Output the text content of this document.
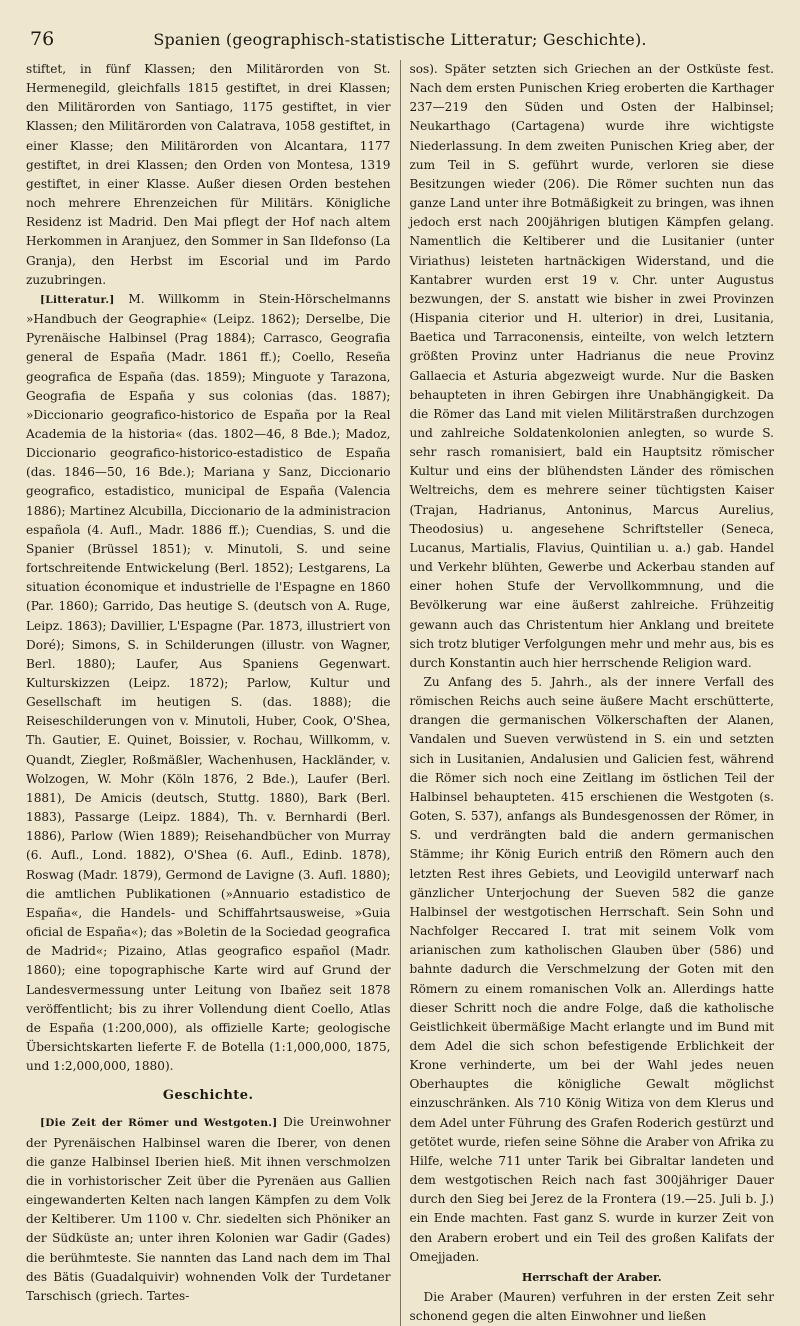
76	Spanien (geographisch-statistische Litteratur; Geschichte).

stiftet, in fünf Klassen; den Militärorden von St. Hermenegild, gleichfalls 1815 gestiftet, in drei Klassen; den Militärorden von Santiago, 1175 gestiftet, in vier Klassen; den Militärorden von Calatrava, 1058 gestiftet, in einer Klasse; den Militärorden von Alcantara, 1177 gestiftet, in drei Klassen; den Orden von Montesa, 1319 gestiftet, in einer Klasse. Außer diesen Orden bestehen noch mehrere Ehrenzeichen für Militärs. Königliche Residenz ist Madrid. Den Mai pflegt der Hof nach altem Herkommen in Aranjuez, den Sommer in San Ildefonso (La Granja), den Herbst im Escorial und im Pardo zuzubringen.

[Litteratur.] M. Willkomm in Stein-Hörschelmanns »Handbuch der Geographie« (Leipz. 1862); Derselbe, Die Pyrenäische Halbinsel (Prag 1884); Carrasco, Geografia general de España (Madr. 1861 ff.); Coello, Reseña geografica de España (das. 1859); Minguote y Tarazona, Geografia de España y sus colonias (das. 1887); »Diccionario geografico-historico de España por la Real Academia de la historia« (das. 1802—46, 8 Bde.); Madoz, Diccionario geografico-historico-estadistico de España (das. 1846—50, 16 Bde.); Mariana y Sanz, Diccionario geografico, estadistico, municipal de España (Valencia 1886); Martinez Alcubilla, Diccionario de la administracion española (4. Aufl., Madr. 1886 ff.); Cuendias, S. und die Spanier (Brüssel 1851); v. Minutoli, S. und seine fortschreitende Entwickelung (Berl. 1852); Lestgarens, La situation économique et industrielle de l'Espagne en 1860 (Par. 1860); Garrido, Das heutige S. (deutsch von A. Ruge, Leipz. 1863); Davillier, L'Espagne (Par. 1873, illustriert von Doré); Simons, S. in Schilderungen (illustr. von Wagner, Berl. 1880); Laufer, Aus Spaniens Gegenwart. Kulturskizzen (Leipz. 1872); Parlow, Kultur und Gesellschaft im heutigen S. (das. 1888); die Reiseschilderungen von v. Minutoli, Huber, Cook, O'Shea, Th. Gautier, E. Quinet, Boissier, v. Rochau, Willkomm, v. Quandt, Ziegler, Roßmäßler, Wachenhusen, Hackländer, v. Wolzogen, W. Mohr (Köln 1876, 2 Bde.), Laufer (Berl. 1881), De Amicis (deutsch, Stuttg. 1880), Bark (Berl. 1883), Passarge (Leipz. 1884), Th. v. Bernhardi (Berl. 1886), Parlow (Wien 1889); Reisehandbücher von Murray (6. Aufl., Lond. 1882), O'Shea (6. Aufl., Edinb. 1878), Roswag (Madr. 1879), Germond de Lavigne (3. Aufl. 1880); die amtlichen Publikationen (»Annuario estadistico de España«, die Handels- und Schiffahrtsausweise, »Guia oficial de España«); das »Boletin de la Sociedad geografica de Madrid«; Pizaino, Atlas geografico español (Madr. 1860); eine topographische Karte wird auf Grund der Landesvermessung unter Leitung von Ibañez seit 1878 veröffentlicht; bis zu ihrer Vollendung dient Coello, Atlas de España (1:200,000), als offizielle Karte; geologische Übersichtskarten lieferte F. de Botella (1:1,000,000, 1875, und 1:2,000,000, 1880).

Geschichte.

[Die Zeit der Römer und Westgoten.] Die Ureinwohner der Pyrenäischen Halbinsel waren die Iberer, von denen die ganze Halbinsel Iberien hieß. Mit ihnen verschmolzen die in vorhistorischer Zeit über die Pyrenäen aus Gallien eingewanderten Kelten nach langen Kämpfen zu dem Volk der Keltiberer. Um 1100 v. Chr. siedelten sich Phöniker an der Südküste an; unter ihren Kolonien war Gadir (Gades) die berühmteste. Sie nannten das Land nach dem im Thal des Bätis (Guadalquivir) wohnenden Volk der Turdetaner Tarschisch (griech. Tartes-

sos). Später setzten sich Griechen an der Ostküste fest. Nach dem ersten Punischen Krieg eroberten die Karthager 237—219 den Süden und Osten der Halbinsel; Neukarthago (Cartagena) wurde ihre wichtigste Niederlassung. In dem zweiten Punischen Krieg aber, der zum Teil in S. geführt wurde, verloren sie diese Besitzungen wieder (206). Die Römer suchten nun das ganze Land unter ihre Botmäßigkeit zu bringen, was ihnen jedoch erst nach 200jährigen blutigen Kämpfen gelang. Namentlich die Keltiberer und die Lusitanier (unter Viriathus) leisteten hartnäckigen Widerstand, und die Kantabrer wurden erst 19 v. Chr. unter Augustus bezwungen, der S. anstatt wie bisher in zwei Provinzen (Hispania citerior und H. ulterior) in drei, Lusitania, Baetica und Tarraconensis, einteilte, von welch letztern größten Provinz unter Hadrianus die neue Provinz Gallaecia et Asturia abgezweigt wurde. Nur die Basken behaupteten in ihren Gebirgen ihre Unabhängigkeit. Da die Römer das Land mit vielen Militärstraßen durchzogen und zahlreiche Soldatenkolonien anlegten, so wurde S. sehr rasch romanisiert, bald ein Hauptsitz römischer Kultur und eins der blühendsten Länder des römischen Weltreichs, dem es mehrere seiner tüchtigsten Kaiser (Trajan, Hadrianus, Antoninus, Marcus Aurelius, Theodosius) u. angesehene Schriftsteller (Seneca, Lucanus, Martialis, Flavius, Quintilian u. a.) gab. Handel und Verkehr blühten, Gewerbe und Ackerbau standen auf einer hohen Stufe der Vervollkommnung, und die Bevölkerung war eine äußerst zahlreiche. Frühzeitig gewann auch das Christentum hier Anklang und breitete sich trotz blutiger Verfolgungen mehr und mehr aus, bis es durch Konstantin auch hier herrschende Religion ward.

Zu Anfang des 5. Jahrh., als der innere Verfall des römischen Reichs auch seine äußere Macht erschütterte, drangen die germanischen Völkerschaften der Alanen, Vandalen und Sueven verwüstend in S. ein und setzten sich in Lusitanien, Andalusien und Galicien fest, während die Römer sich noch eine Zeitlang im östlichen Teil der Halbinsel behaupteten. 415 erschienen die Westgoten (s. Goten, S. 537), anfangs als Bundesgenossen der Römer, in S. und verdrängten bald die andern germanischen Stämme; ihr König Eurich entriß den Römern auch den letzten Rest ihres Gebiets, und Leovigild unterwarf nach gänzlicher Unterjochung der Sueven 582 die ganze Halbinsel der westgotischen Herrschaft. Sein Sohn und Nachfolger Reccared I. trat mit seinem Volk vom arianischen zum katholischen Glauben über (586) und bahnte dadurch die Verschmelzung der Goten mit den Römern zu einem romanischen Volk an. Allerdings hatte dieser Schritt noch die andre Folge, daß die katholische Geistlichkeit übermäßige Macht erlangte und im Bund mit dem Adel die sich schon befestigende Erblichkeit der Krone verhinderte, um bei der Wahl jedes neuen Oberhauptes die königliche Gewalt möglichst einzuschränken. Als 710 König Witiza von dem Klerus und dem Adel unter Führung des Grafen Roderich gestürzt und getötet wurde, riefen seine Söhne die Araber von Afrika zu Hilfe, welche 711 unter Tarik bei Gibraltar landeten und dem westgotischen Reich nach fast 300jähriger Dauer durch den Sieg bei Jerez de la Frontera (19.—25. Juli b. J.) ein Ende machten. Fast ganz S. wurde in kurzer Zeit von den Arabern erobert und ein Teil des großen Kalifats der Omejjaden.

Herrschaft der Araber.

Die Araber (Mauren) verfuhren in der ersten Zeit sehr schonend gegen die alten Einwohner und ließen
